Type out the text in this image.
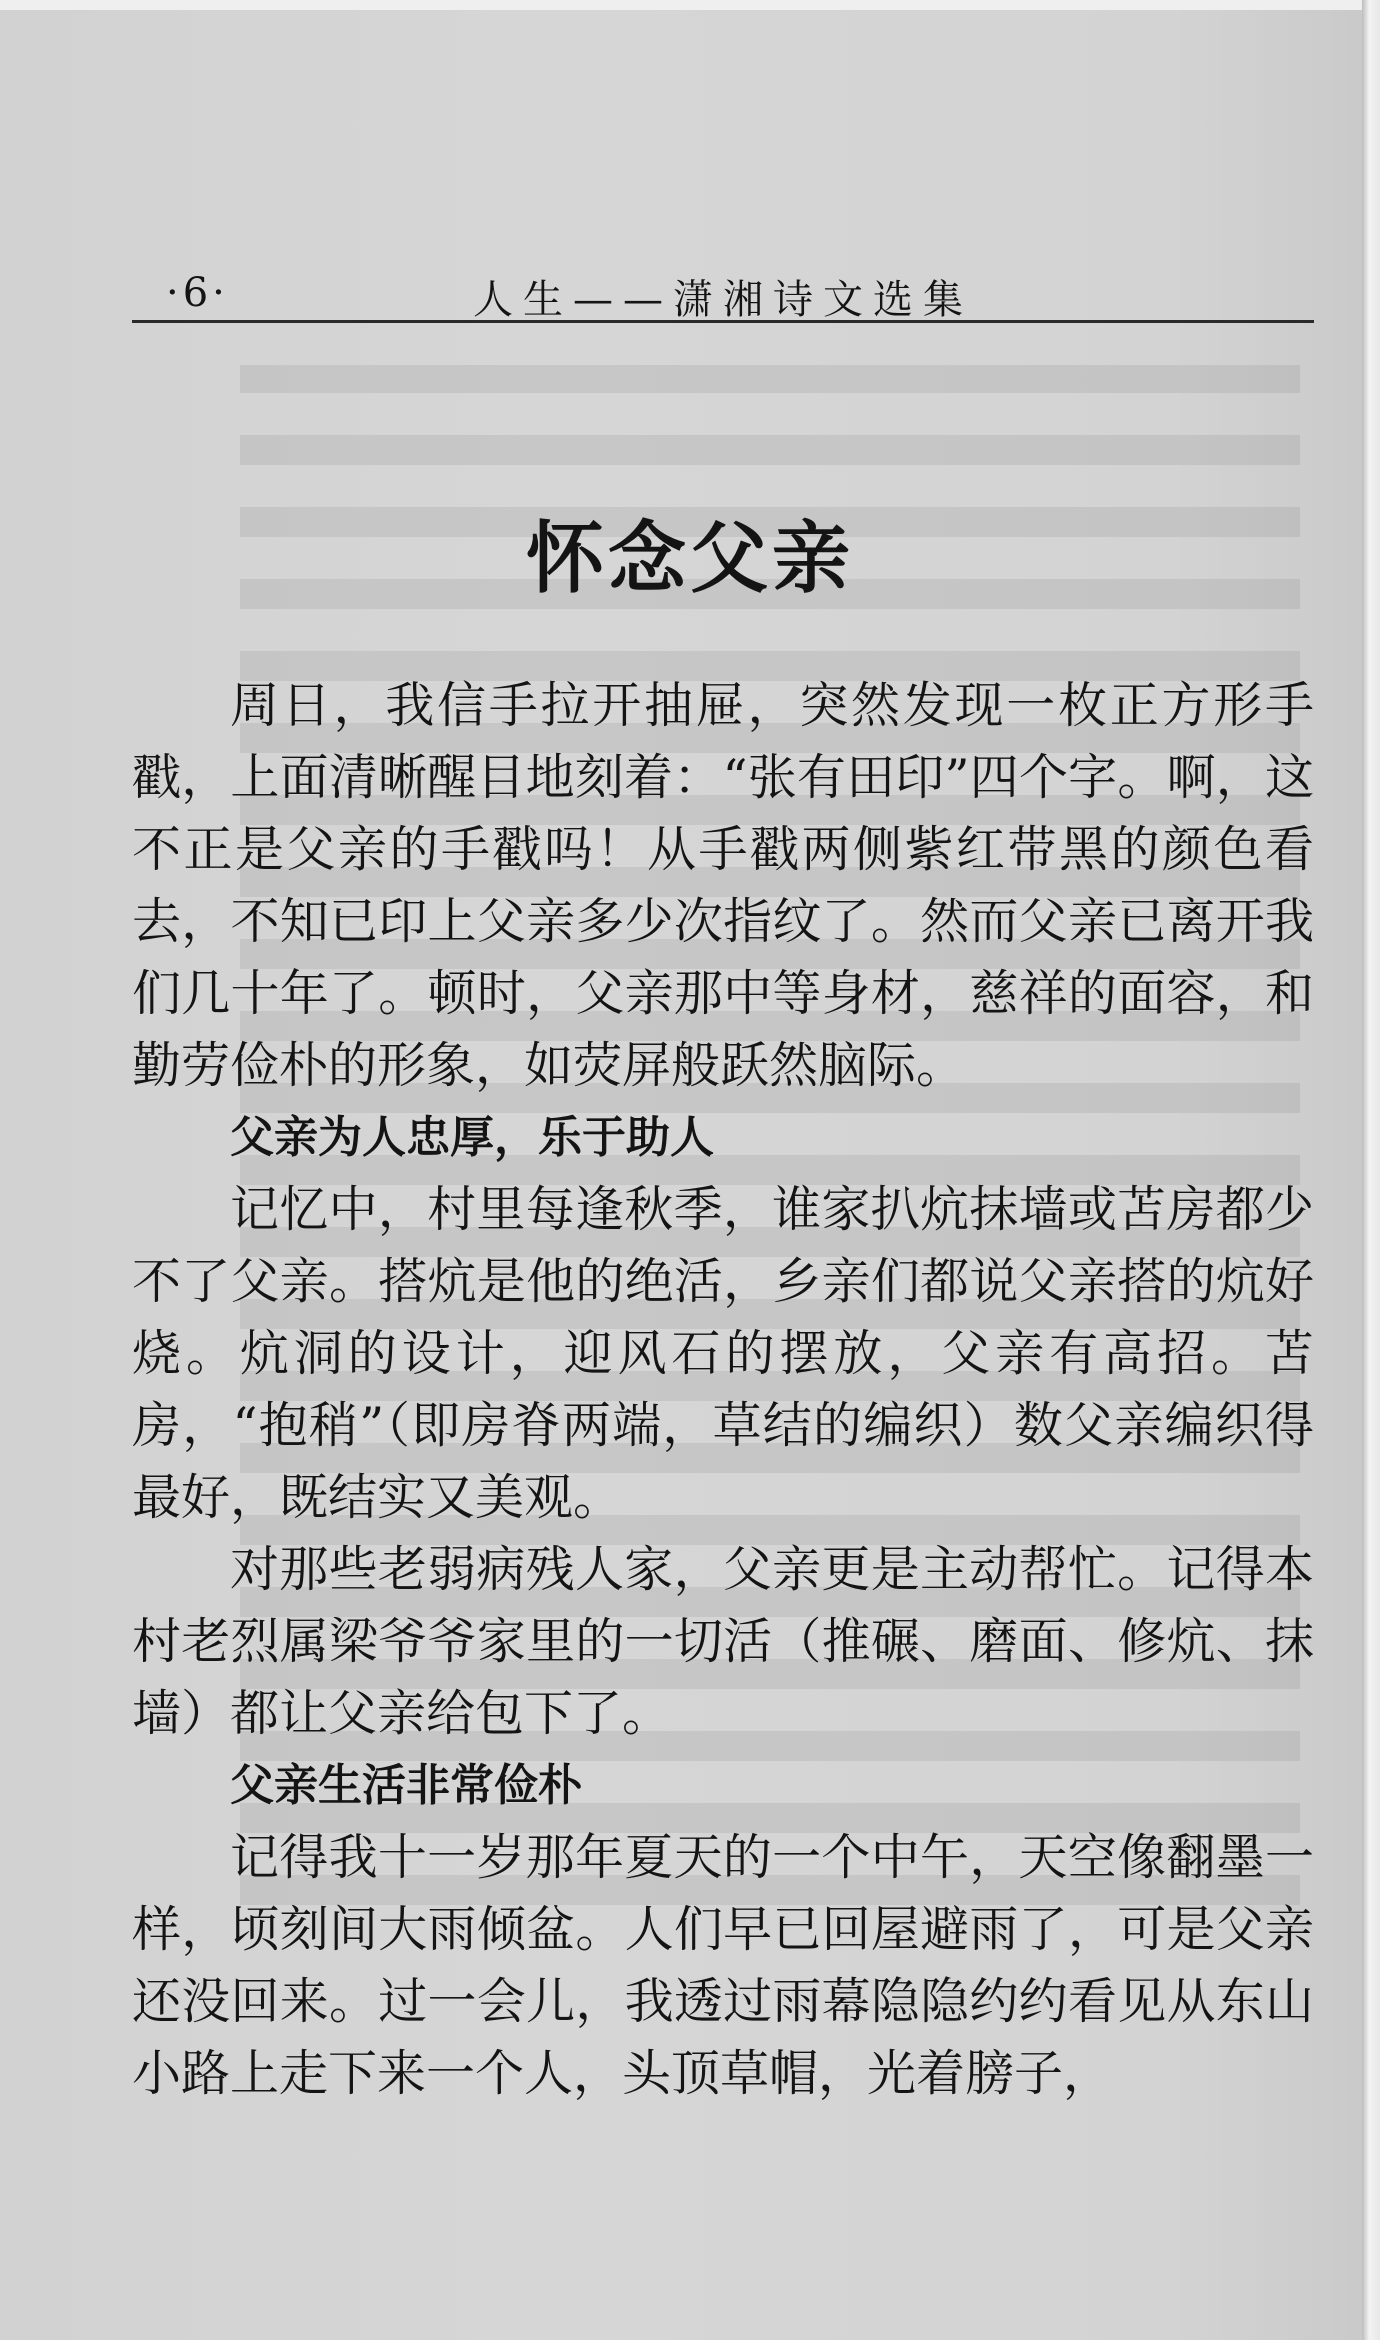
·6·	人生——潇湘诗文选集
怀念父亲

周日，我信手拉开抽屉，突然发现一枚正方形手戳，上面清晰醒目地刻着：“张有田印”四个字。啊，这不正是父亲的手戳吗！从手戳两侧紫红带黑的颜色看去，不知已印上父亲多少次指纹了。然而父亲已离开我们几十年了。顿时，父亲那中等身材，慈祥的面容，和勤劳俭朴的形象，如荧屏般跃然脑际。

父亲为人忠厚，乐于助人

记忆中，村里每逢秋季，谁家扒炕抹墙或苫房都少不了父亲。搭炕是他的绝活，乡亲们都说父亲搭的炕好烧。炕洞的设计，迎风石的摆放，父亲有高招。苫房，“抱稍”（即房脊两端，草结的编织）数父亲编织得最好，既结实又美观。

对那些老弱病残人家，父亲更是主动帮忙。记得本村老烈属梁爷爷家里的一切活（推碾、磨面、修炕、抹墙）都让父亲给包下了。

父亲生活非常俭朴

记得我十一岁那年夏天的一个中午，天空像翻墨一样，顷刻间大雨倾盆。人们早已回屋避雨了，可是父亲还没回来。过一会儿，我透过雨幕隐隐约约看见从东山小路上走下来一个人，头顶草帽，光着膀子，
